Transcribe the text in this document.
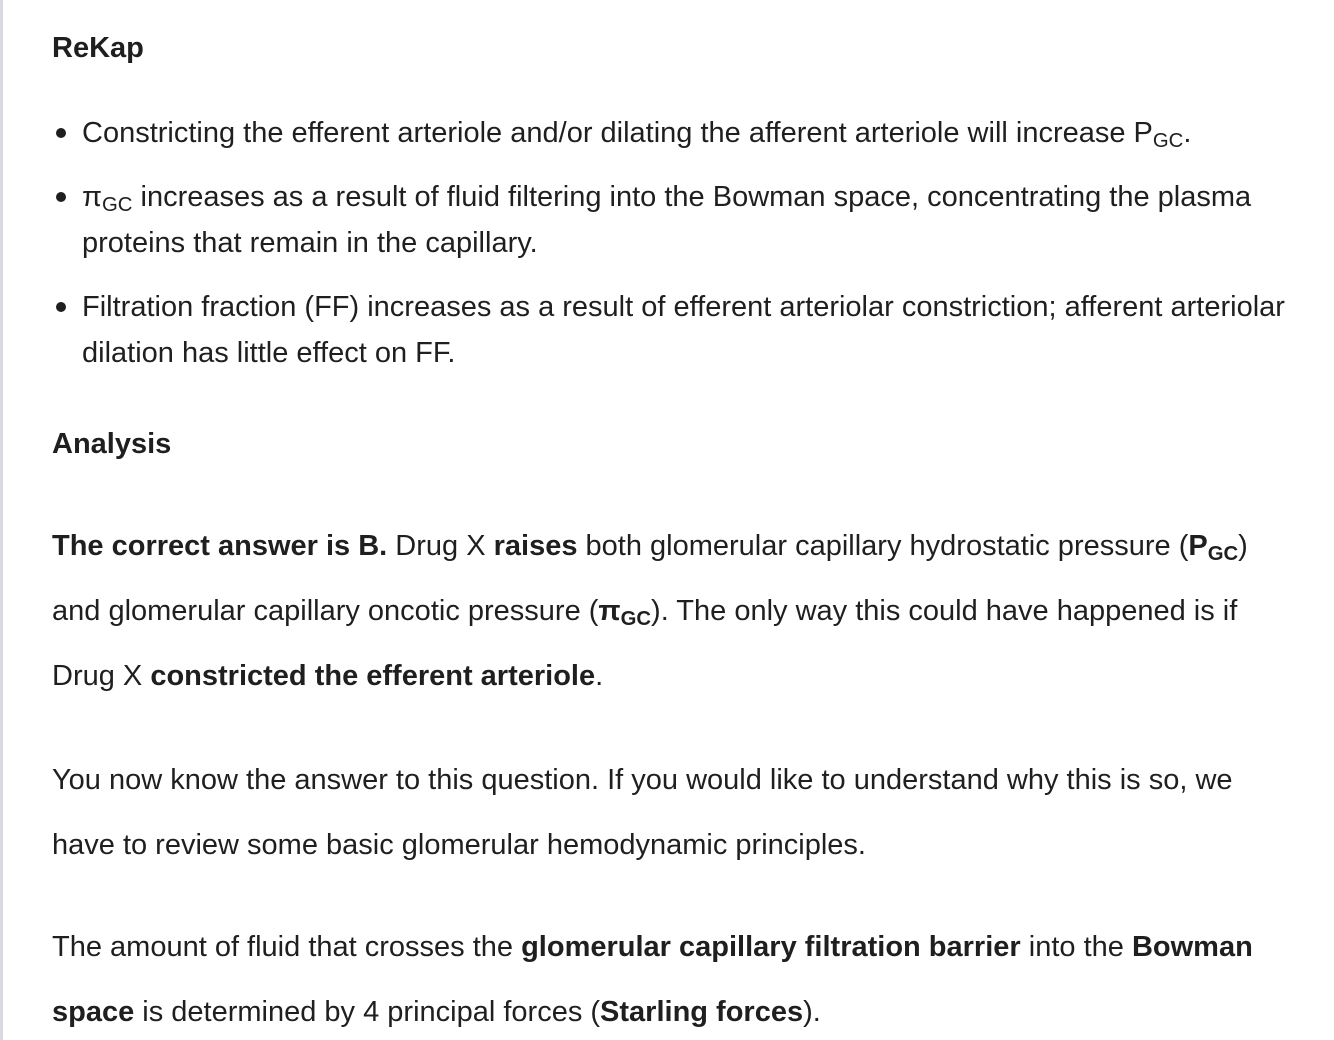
ReKap
Constricting the efferent arteriole and/or dilating the afferent arteriole will increase $P_{GC}$.
$\pi_{GC}$ increases as a result of fluid filtering into the Bowman space, concentrating the plasma proteins that remain in the capillary.
Filtration fraction (FF) increases as a result of efferent arteriolar constriction; afferent arteriolar dilation has little effect on FF.
Analysis

The correct answer is B. Drug X raises both glomerular capillary hydrostatic pressure $(P_{GC})$ and glomerular capillary oncotic pressure $(\pi_{GC})$. The only way this could have happened is if Drug X constricted the efferent arteriole.

You now know the answer to this question. If you would like to understand why this is so, we have to review some basic glomerular hemodynamic principles.

The amount of fluid that crosses the glomerular capillary filtration barrier into the Bowman space is determined by 4 principal forces (Starling forces).
